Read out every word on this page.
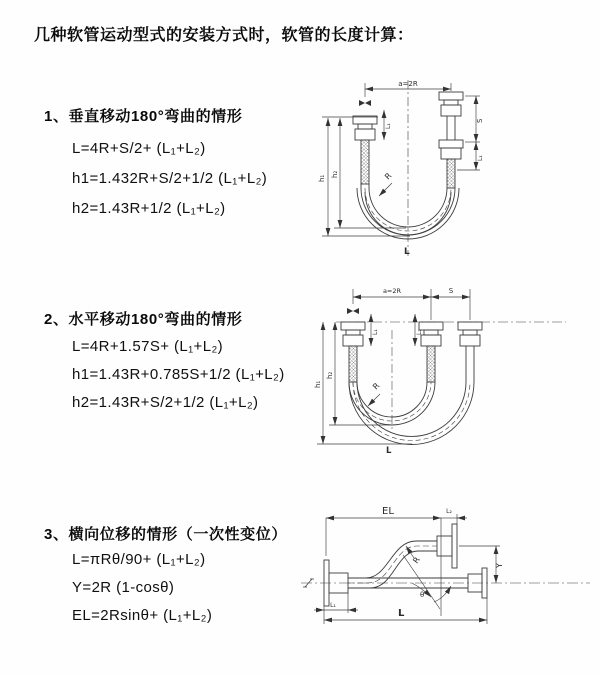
几种软管运动型式的安装方式时，软管的长度计算：
1、垂直移动180°弯曲的情形
L=4R+S/2+ (L₁+L₂)
h1=1.432R+S/2+1/2 (L₁+L₂)
h2=1.43R+1/2 (L₁+L₂)
a=2R
h₁
h₂
L₁
S
L₁
R
L
2、水平移动180°弯曲的情形
L=4R+1.57S+ (L₁+L₂)
h1=1.43R+0.785S+1/2 (L₁+L₂)
h2=1.43R+S/2+1/2 (L₁+L₂)
a=2R	S
h₁
h₂
L₁	L₂
R
L
3、横向位移的情形（一次性变位）
L=πRθ/90+ (L₁+L₂)
Y=2R (1-cosθ)
EL=2Rsinθ+ (L₁+L₂)
EL	L₂
Y
R
θ
L
L₁
